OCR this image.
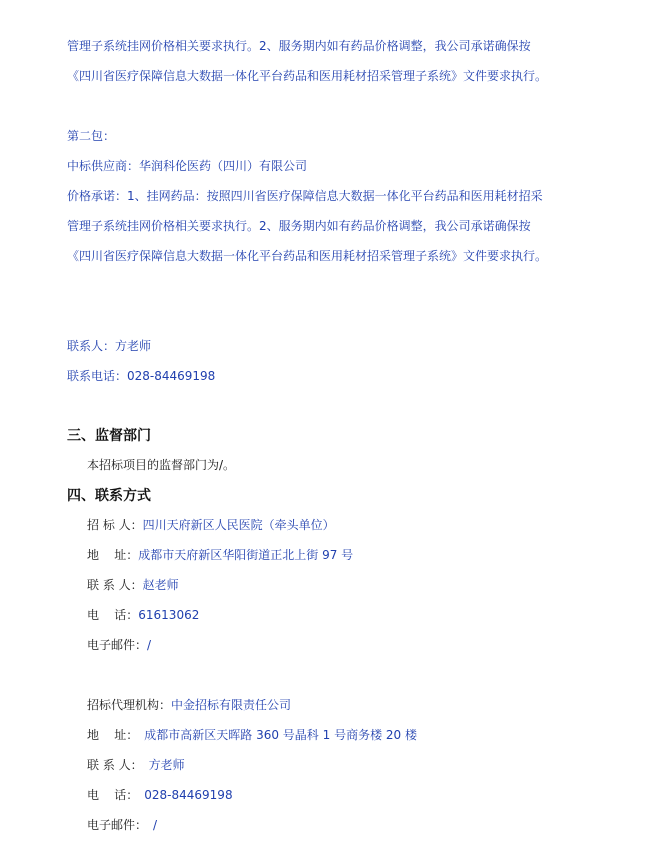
管理子系统挂网价格相关要求执行。2、服务期内如有药品价格调整，我公司承诺确保按
《四川省医疗保障信息大数据一体化平台药品和医用耗材招采管理子系统》文件要求执行。
第二包：
中标供应商：华润科伦医药（四川）有限公司
价格承诺：1、挂网药品：按照四川省医疗保障信息大数据一体化平台药品和医用耗材招采
管理子系统挂网价格相关要求执行。2、服务期内如有药品价格调整，我公司承诺确保按
《四川省医疗保障信息大数据一体化平台药品和医用耗材招采管理子系统》文件要求执行。
联系人：方老师
联系电话：028-84469198
三、监督部门
本招标项目的监督部门为/。
四、联系方式
招 标 人：四川天府新区人民医院（牵头单位）
地    址：成都市天府新区华阳街道正北上街 97 号
联 系 人：赵老师
电    话：61613062
电子邮件：/
招标代理机构：中金招标有限责任公司
地    址： 成都市高新区天晖路 360 号晶科 1 号商务楼 20 楼
联 系 人： 方老师
电    话： 028-84469198
电子邮件： /
